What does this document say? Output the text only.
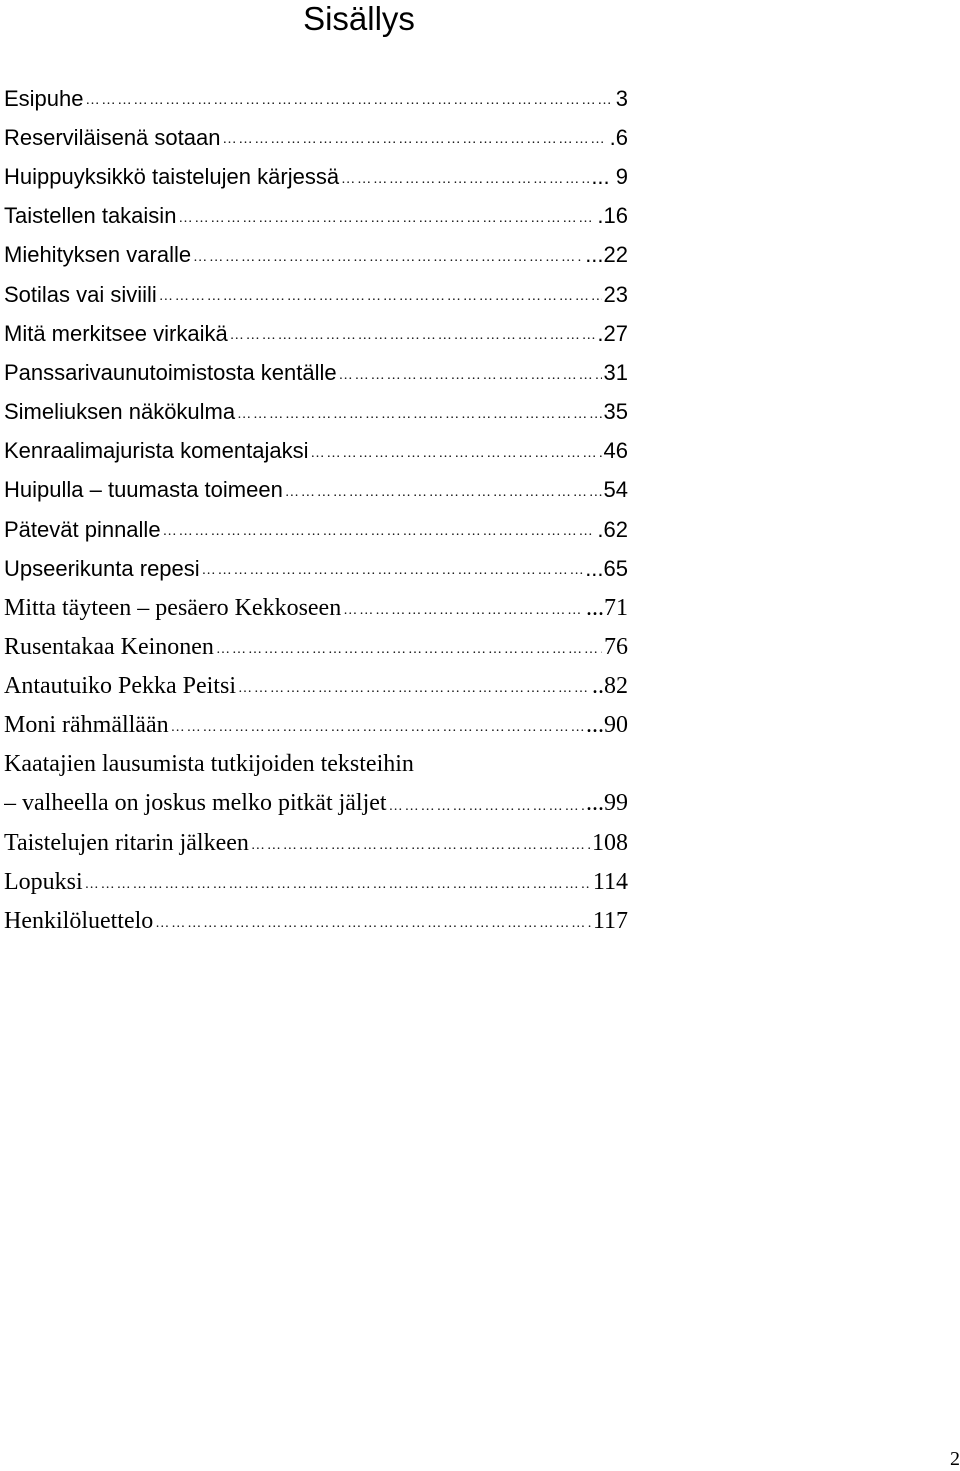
Sisällys
Esipuhe …………………………………………………………………………………………………………	3
Reserviläisenä sotaan …………………………………………………………………………………………………………	.6
Huippuyksikkö taistelujen kärjessä …………………………………………………………………………………………………………	... 9
Taistellen takaisin …………………………………………………………………………………………………………	.16
Miehityksen varalle …………………………………………………………………………………………………………	...22
Sotilas vai siviili …………………………………………………………………………………………………………	23
Mitä merkitsee virkaikä …………………………………………………………………………………………………………	.27
Panssarivaunutoimistosta kentälle …………………………………………………………………………………………………………	31
Simeliuksen näkökulma …………………………………………………………………………………………………………	35
Kenraalimajurista komentajaksi …………………………………………………………………………………………………………	46
Huipulla – tuumasta toimeen …………………………………………………………………………………………………………	54
Pätevät pinnalle …………………………………………………………………………………………………………	.62
Upseerikunta repesi …………………………………………………………………………………………………………	...65
Mitta täyteen – pesäero Kekkoseen …………………………………………………………………………………………………………	...71
Rusentakaa Keinonen …………………………………………………………………………………………………………	76
Antautuiko Pekka Peitsi …………………………………………………………………………………………………………	..82
Moni rähmällään …………………………………………………………………………………………………………	...90
Kaatajien lausumista tutkijoiden teksteihin
– valheella on joskus melko pitkät jäljet …………………………………………………………………………………………………………	...99
Taistelujen ritarin jälkeen …………………………………………………………………………………………………………	108
Lopuksi …………………………………………………………………………………………………………	114
Henkilöluettelo …………………………………………………………………………………………………………	117
2
